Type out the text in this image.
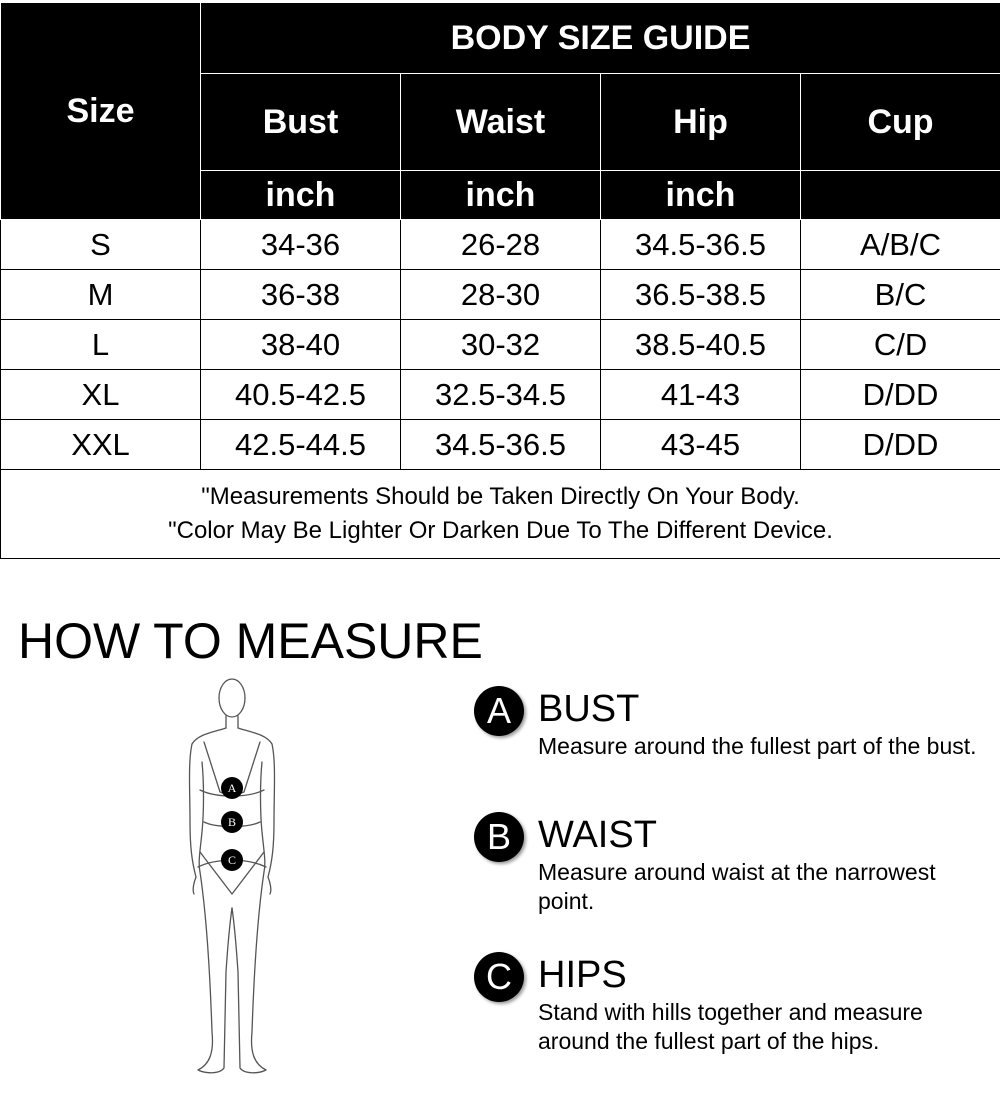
Size	BODY SIZE GUIDE			
	Bust	Waist	Hip	Cup
	inch	inch	inch	
S	34-36	26-28	34.5-36.5	A/B/C
M	36-38	28-30	36.5-38.5	B/C
L	38-40	30-32	38.5-40.5	C/D
XL	40.5-42.5	32.5-34.5	41-43	D/DD
XXL	42.5-44.5	34.5-36.5	43-45	D/DD

"Measurements Should be Taken Directly On Your Body.
"Color May Be Lighter Or Darken Due To The Different Device.				
HOW TO MEASURE
A
B
C
A BUST
Measure around the fullest part of the bust.
B WAIST
Measure around waist at the narrowest point.
C HIPS
Stand with hills together and measure around the fullest part of the hips.
